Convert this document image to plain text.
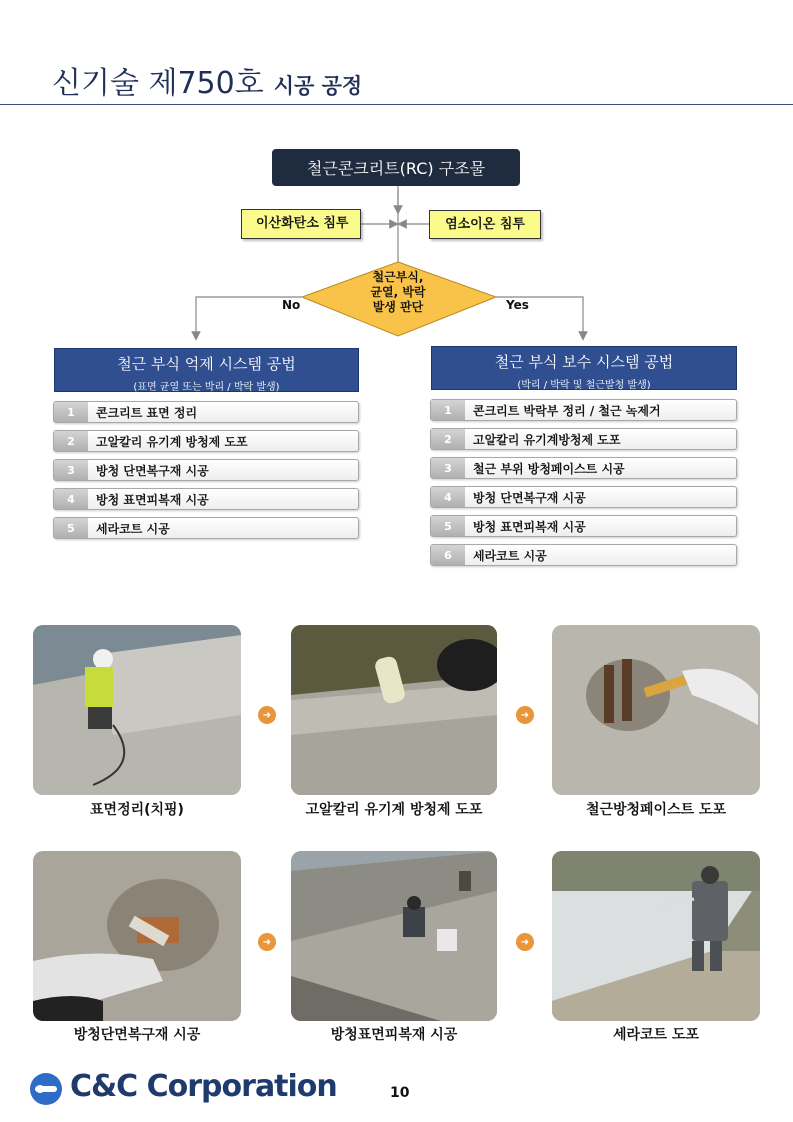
신기술 제750호 시공 공정
철근콘크리트(RC) 구조물
이산화탄소 침투	염소이온 침투
철근부식,
균열, 박락
발생 판단
No	Yes
철근 부식 억제 시스템 공법
(표면 균열 또는 박리 / 박락 발생)
1	콘크리트 표면 정리
2	고알칼리 유기계 방청제 도포
3	방청 단면복구재 시공
4	방청 표면피복재 시공
5	세라코트 시공
철근 부식 보수 시스템 공법
(박리 / 박락 및 철근발청 발생)
1	콘크리트 박락부 정리 / 철근 녹제거
2	고알칼리 유기계방청제 도포
3	철근 부위 방청페이스트 시공
4	방청 단면복구재 시공
5	방청 표면피복재 시공
6	세라코트 시공
➜	➜
표면정리(치핑)	고알칼리 유기계 방청제 도포	철근방청페이스트 도포
➜	➜
방청단면복구재 시공	방청표면피복재 시공	세라코트 도포
C&C Corporation	10
